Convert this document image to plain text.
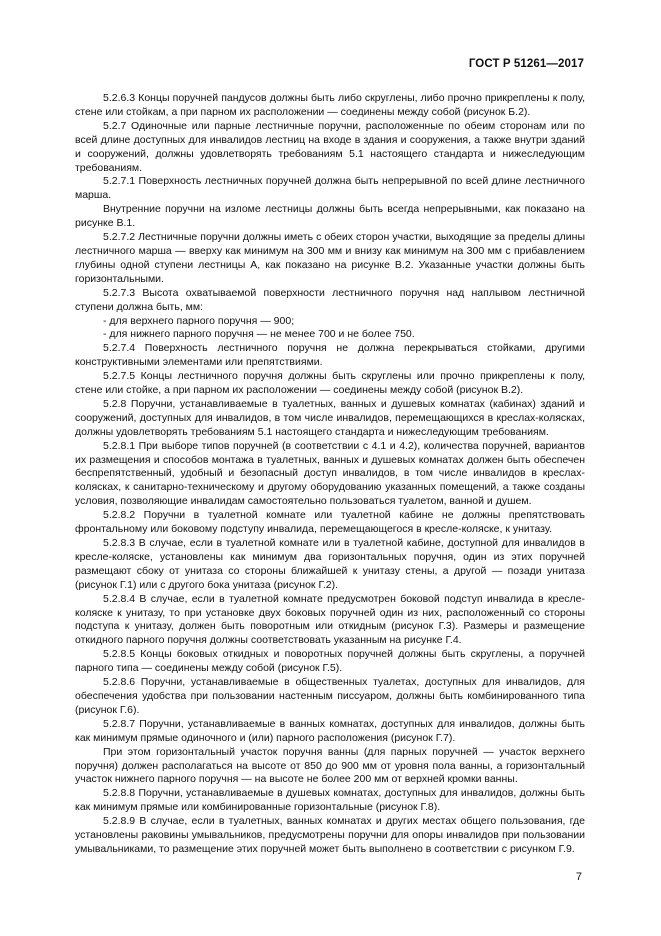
ГОСТ Р 51261—2017

5.2.6.3 Концы поручней пандусов должны быть либо скруглены, либо прочно прикреплены к полу, стене или стойкам, а при парном их расположении — соединены между собой (рисунок Б.2).

5.2.7 Одиночные или парные лестничные поручни, расположенные по обеим сторонам или по всей длине доступных для инвалидов лестниц на входе в здания и сооружения, а также внутри зданий и сооружений, должны удовлетворять требованиям 5.1 настоящего стандарта и нижеследующим требованиям.

5.2.7.1 Поверхность лестничных поручней должна быть непрерывной по всей длине лестничного марша.

Внутренние поручни на изломе лестницы должны быть всегда непрерывными, как показано на рисунке В.1.

5.2.7.2 Лестничные поручни должны иметь с обеих сторон участки, выходящие за пределы длины лестничного марша — вверху как минимум на 300 мм и внизу как минимум на 300 мм с прибавлением глубины одной ступени лестницы А, как показано на рисунке В.2. Указанные участки должны быть горизонтальными.

5.2.7.3 Высота охватываемой поверхности лестничного поручня над наплывом лестничной ступени должна быть, мм:

- для верхнего парного поручня — 900;

- для нижнего парного поручня — не менее 700 и не более 750.

5.2.7.4 Поверхность лестничного поручня не должна перекрываться стойками, другими конструктивными элементами или препятствиями.

5.2.7.5 Концы лестничного поручня должны быть скруглены или прочно прикреплены к полу, стене или стойке, а при парном их расположении — соединены между собой (рисунок В.2).

5.2.8 Поручни, устанавливаемые в туалетных, ванных и душевых комнатах (кабинах) зданий и сооружений, доступных для инвалидов, в том числе инвалидов, перемещающихся в креслах-колясках, должны удовлетворять требованиям 5.1 настоящего стандарта и нижеследующим требованиям.

5.2.8.1 При выборе типов поручней (в соответствии с 4.1 и 4.2), количества поручней, вариантов их размещения и способов монтажа в туалетных, ванных и душевых комнатах должен быть обеспечен беспрепятственный, удобный и безопасный доступ инвалидов, в том числе инвалидов в креслах-колясках, к санитарно-техническому и другому оборудованию указанных помещений, а также созданы условия, позволяющие инвалидам самостоятельно пользоваться туалетом, ванной и душем.

5.2.8.2 Поручни в туалетной комнате или туалетной кабине не должны препятствовать фронтальному или боковому подступу инвалида, перемещающегося в кресле-коляске, к унитазу.

5.2.8.3 В случае, если в туалетной комнате или в туалетной кабине, доступной для инвалидов в кресле-коляске, установлены как минимум два горизонтальных поручня, один из этих поручней размещают сбоку от унитаза со стороны ближайшей к унитазу стены, а другой — позади унитаза (рисунок Г.1) или с другого бока унитаза (рисунок Г.2).

5.2.8.4 В случае, если в туалетной комнате предусмотрен боковой подступ инвалида в кресле-коляске к унитазу, то при установке двух боковых поручней один из них, расположенный со стороны подступа к унитазу, должен быть поворотным или откидным (рисунок Г.3). Размеры и размещение откидного парного поручня должны соответствовать указанным на рисунке Г.4.

5.2.8.5 Концы боковых откидных и поворотных поручней должны быть скруглены, а поручней парного типа — соединены между собой (рисунок Г.5).

5.2.8.6 Поручни, устанавливаемые в общественных туалетах, доступных для инвалидов, для обеспечения удобства при пользовании настенным писсуаром, должны быть комбинированного типа (рисунок Г.6).

5.2.8.7 Поручни, устанавливаемые в ванных комнатах, доступных для инвалидов, должны быть как минимум прямые одиночного и (или) парного расположения (рисунок Г.7).

При этом горизонтальный участок поручня ванны (для парных поручней — участок верхнего поручня) должен располагаться на высоте от 850 до 900 мм от уровня пола ванны, а горизонтальный участок нижнего парного поручня — на высоте не более 200 мм от верхней кромки ванны.

5.2.8.8 Поручни, устанавливаемые в душевых комнатах, доступных для инвалидов, должны быть как минимум прямые или комбинированные горизонтальные (рисунок Г.8).

5.2.8.9 В случае, если в туалетных, ванных комнатах и других местах общего пользования, где установлены раковины умывальников, предусмотрены поручни для опоры инвалидов при пользовании умывальниками, то размещение этих поручней может быть выполнено в соответствии с рисунком Г.9.

7
